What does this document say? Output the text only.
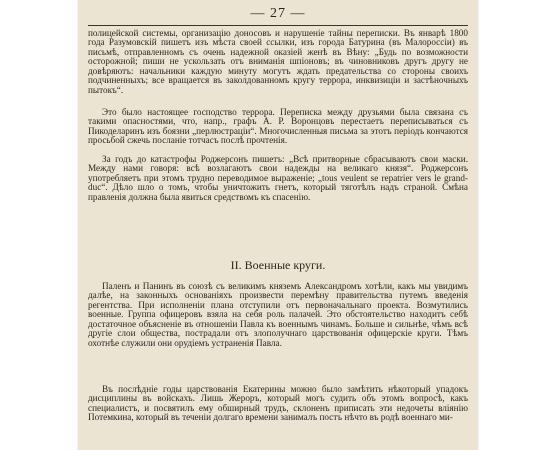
— 27 —

полицейской системы, организацію доносовъ и нарушеніе тайны переписки. Въ январѣ 1800 года Разумовскій пишетъ изъ мѣста своей ссылки, изъ города Батурина (въ Малороссіи) въ письмѣ, отправленномъ съ очень надежной оказіей женѣ въ Вѣну: „Будь по возможности осторожной; пиши не ускользать отъ вниманія шпіоновъ; въ чиновниковъ другъ другу не довѣряютъ: начальники каждую минуту могутъ ждать предательства со стороны своихъ подчиненныхъ; все вращается въ заколдованномъ кругу террора, инквизиціи и застѣночныхъ пытокъ“.

Это было настоящее господство террора. Переписка между друзьями была связана съ такими опасностями, что, напр., графъ А. Р. Воронцовъ перестаетъ переписываться съ Пикоделаринъ изъ боязни „перлюстраціи“. Многочисленныя письма за этотъ періодъ кончаются просьбой сжечь посланіе тотчасъ послѣ прочтенія.

За годъ до катастрофы Роджерсонъ пишетъ: „Всѣ притворные сбрасываютъ свои маски. Между нами говоря: всѣ возлагаютъ свои надежды на великаго князя“. Роджерсонъ употребляетъ при этомъ трудно переводимое выраженіе; „tous veulent se repatrier vers le grand-duc“. Дѣло шло о томъ, чтобы уничтожить гнетъ, который тяготѣлъ надъ страной. Смѣна правленія должна была явиться средствомъ къ спасенію.

II. Военные круги.

Паленъ и Панинъ въ союзѣ съ великимъ княземъ Александромъ хотѣли, какъ мы увидимъ далѣе, на законныхъ основаніяхъ произвести перемѣну правительства путемъ введенія регентства. При исполненіи плана отступили отъ первоначальнаго проекта. Возмутились военные. Группа офицеровъ взяла на себя роль палачей. Это обстоятельство находитъ себѣ достаточное объясненіе въ отношеніи Павла къ военнымъ чинамъ. Больше и сильнѣе, чѣмъ всѣ другіе слои общества, пострадали отъ злополучнаго царствованія офицерскіе круги. Тѣмъ охотнѣе служили они орудіемъ устраненія Павла.

Въ послѣдніе годы царствованія Екатерины можно было замѣтить нѣкоторый упадокъ дисциплины въ войскахъ. Лишь Жероръ, который могъ судить объ этомъ вопросѣ, какъ специалистъ, и посвятилъ ему обширный трудъ, склоненъ приписать эти недочеты вліянію Потемкина, который въ теченіи долгаго времени занималъ постъ нѣчто въ родѣ военнаго ми-
